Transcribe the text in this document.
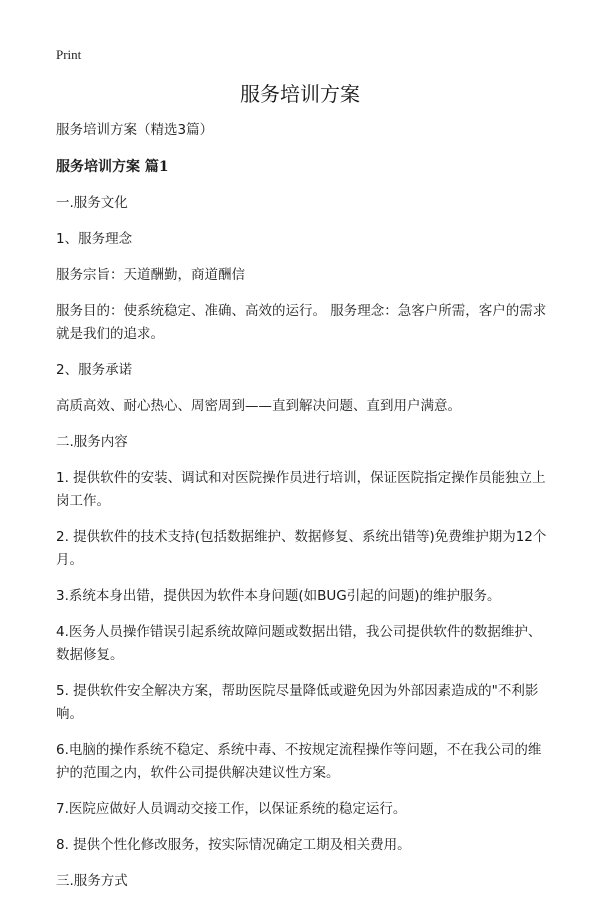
Print
服务培训方案

服务培训方案（精选3篇）

服务培训方案 篇1

一.服务文化

1、服务理念

服务宗旨：天道酬勤，商道酬信

服务目的：使系统稳定、准确、高效的运行。 服务理念：急客户所需，客户的需求就是我们的追求。

2、服务承诺

高质高效、耐心热心、周密周到——直到解决问题、直到用户满意。

二.服务内容

1. 提供软件的安装、调试和对医院操作员进行培训，保证医院指定操作员能独立上岗工作。

2. 提供软件的技术支持(包括数据维护、数据修复、系统出错等)免费维护期为12个月。

3.系统本身出错，提供因为软件本身问题(如BUG引起的问题)的维护服务。

4.医务人员操作错误引起系统故障问题或数据出错，我公司提供软件的数据维护、数据修复。

5. 提供软件安全解决方案，帮助医院尽量降低或避免因为外部因素造成的"不利影响。

6.电脑的操作系统不稳定、系统中毒、不按规定流程操作等问题，不在我公司的维护的范围之内，软件公司提供解决建议性方案。

7.医院应做好人员调动交接工作，以保证系统的稳定运行。

8. 提供个性化修改服务，按实际情况确定工期及相关费用。

三.服务方式
